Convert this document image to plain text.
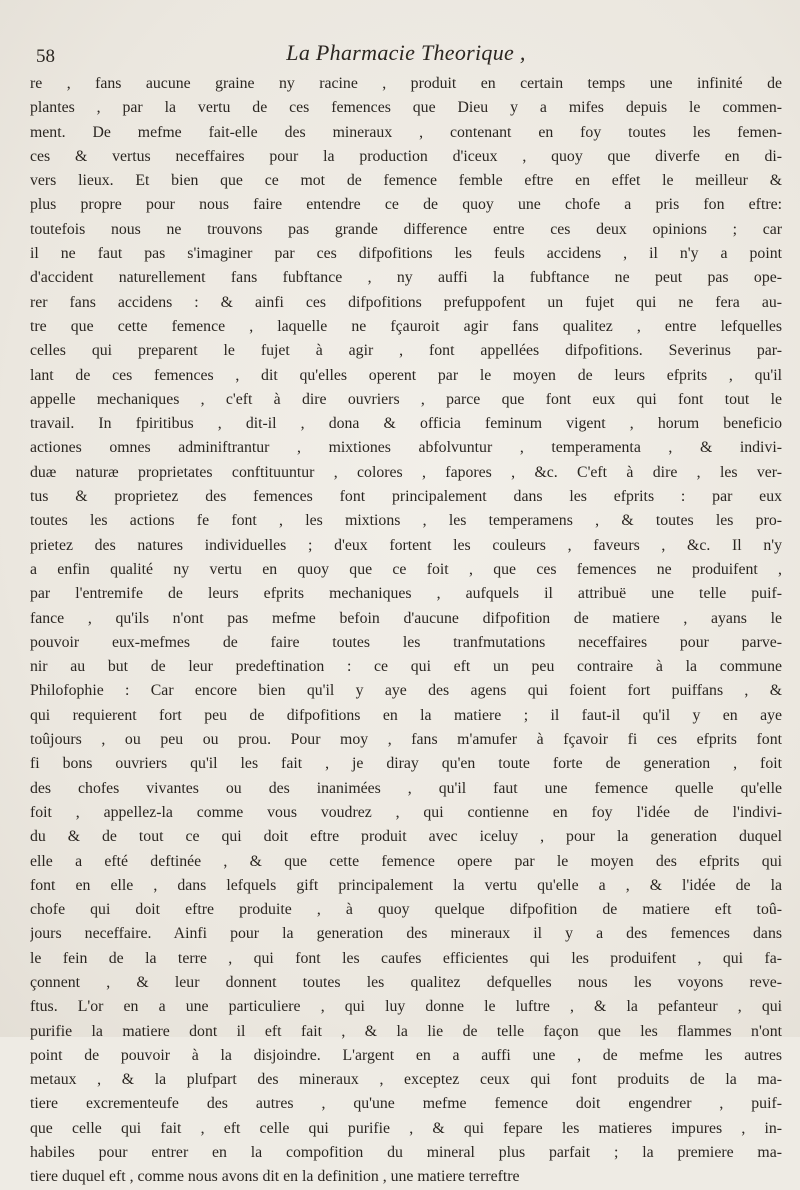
58	La Pharmacie Theorique ,
re , fans aucune graine ny racine , produit en certain temps une infinité de
plantes , par la vertu de ces femences que Dieu y a mifes depuis le commen-
ment. De mefme fait-elle des mineraux , contenant en foy toutes les femen-
ces & vertus neceffaires pour la production d'iceux , quoy que diverfe en di-
vers lieux. Et bien que ce mot de femence femble eftre en effet le meilleur &
plus propre pour nous faire entendre ce de quoy une chofe a pris fon eftre:
toutefois nous ne trouvons pas grande difference entre ces deux opinions ; car
il ne faut pas s'imaginer par ces difpofitions les feuls accidens , il n'y a point
d'accident naturellement fans fubftance , ny auffi la fubftance ne peut pas ope-
rer fans accidens : & ainfi ces difpofitions prefuppofent un fujet qui ne fera au-
tre que cette femence , laquelle ne fçauroit agir fans qualitez , entre lefquelles
celles qui preparent le fujet à agir , font appellées difpofitions. Severinus par-
lant de ces femences , dit qu'elles operent par le moyen de leurs efprits , qu'il
appelle mechaniques , c'eft à dire ouvriers , parce que font eux qui font tout le
travail. In fpiritibus , dit-il , dona & officia feminum vigent , horum beneficio
actiones omnes adminiftrantur , mixtiones abfolvuntur , temperamenta , & indivi-
duæ naturæ proprietates conftituuntur , colores , fapores , &c. C'eft à dire , les ver-
tus & proprietez des femences font principalement dans les efprits : par eux
toutes les actions fe font , les mixtions , les temperamens , & toutes les pro-
prietez des natures individuelles ; d'eux fortent les couleurs , faveurs , &c. Il n'y
a enfin qualité ny vertu en quoy que ce foit , que ces femences ne produifent ,
par l'entremife de leurs efprits mechaniques , aufquels il attribuë une telle puif-
fance , qu'ils n'ont pas mefme befoin d'aucune difpofition de matiere , ayans le
pouvoir eux-mefmes de faire toutes les tranfmutations neceffaires pour parve-
nir au but de leur predeftination : ce qui eft un peu contraire à la commune
Philofophie : Car encore bien qu'il y aye des agens qui foient fort puiffans , &
qui requierent fort peu de difpofitions en la matiere ; il faut-il qu'il y en aye
toûjours , ou peu ou prou. Pour moy , fans m'amufer à fçavoir fi ces efprits font
fi bons ouvriers qu'il les fait , je diray qu'en toute forte de generation , foit
des chofes vivantes ou des inanimées , qu'il faut une femence quelle qu'elle
foit , appellez-la comme vous voudrez , qui contienne en foy l'idée de l'indivi-
du & de tout ce qui doit eftre produit avec iceluy , pour la generation duquel
elle a efté deftinée , & que cette femence opere par le moyen des efprits qui
font en elle , dans lefquels gift principalement la vertu qu'elle a , & l'idée de la
chofe qui doit eftre produite , à quoy quelque difpofition de matiere eft toû-
jours neceffaire. Ainfi pour la generation des mineraux il y a des femences dans
le fein de la terre , qui font les caufes efficientes qui les produifent , qui fa-
çonnent , & leur donnent toutes les qualitez defquelles nous les voyons reve-
ftus. L'or en a une particuliere , qui luy donne le luftre , & la pefanteur , qui
purifie la matiere dont il eft fait , & la lie de telle façon que les flammes n'ont
point de pouvoir à la disjoindre. L'argent en a auffi une , de mefme les autres
metaux , & la plufpart des mineraux , exceptez ceux qui font produits de la ma-
tiere excrementeufe des autres , qu'une mefme femence doit engendrer , puif-
que celle qui fait , eft celle qui purifie , & qui fepare les matieres impures , in-
habiles pour entrer en la compofition du mineral plus parfait ; la premiere ma-
tiere duquel eft , comme nous avons dit en la definition , une matiere terreftre
